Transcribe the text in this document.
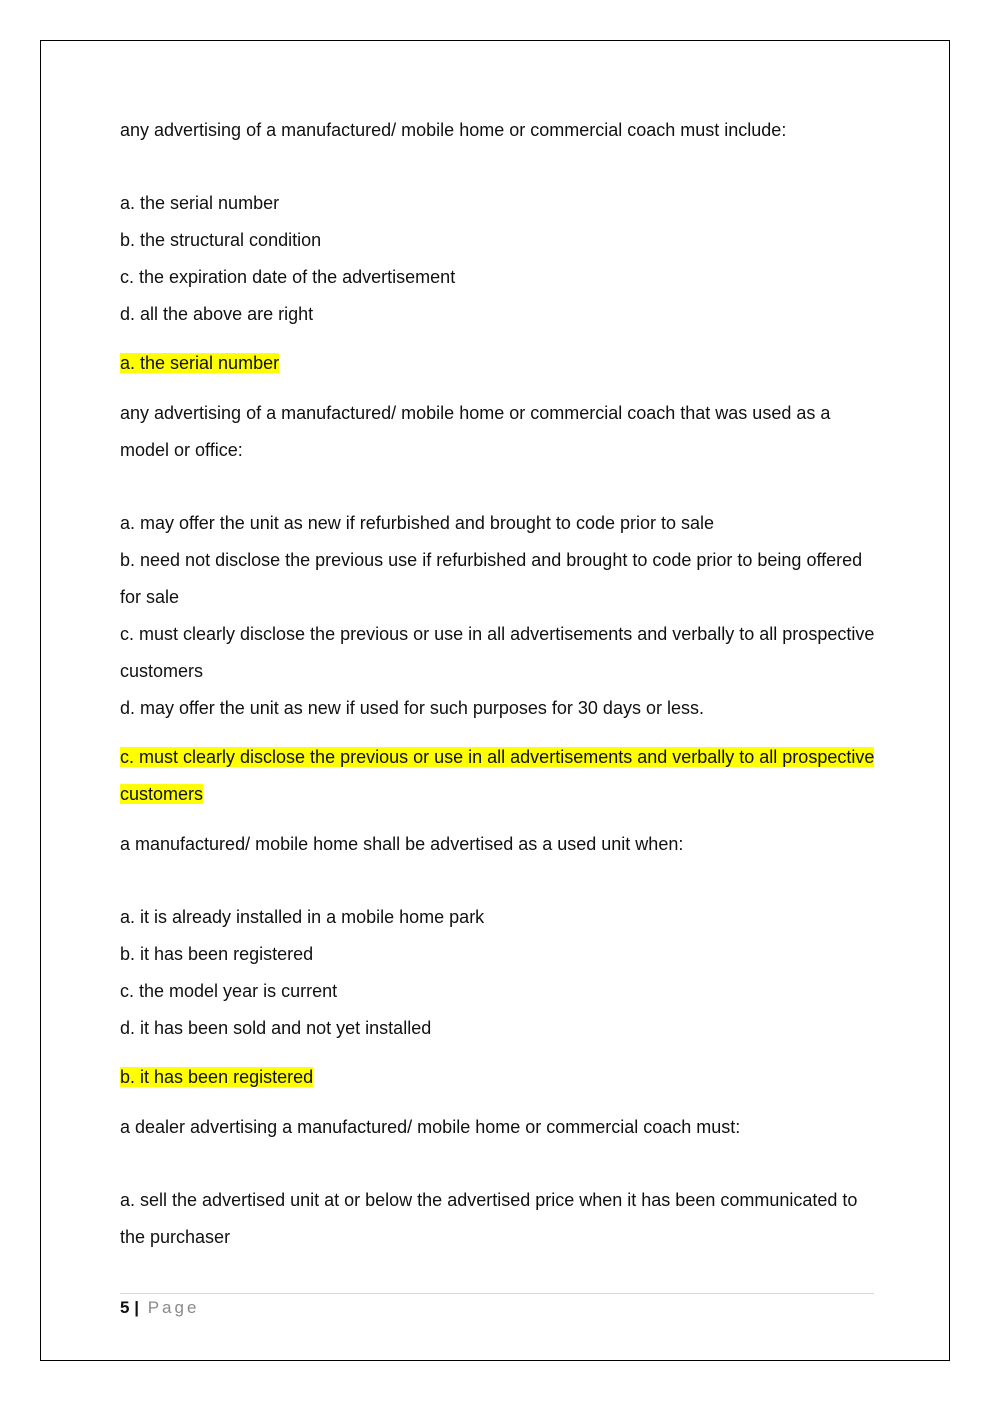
any advertising of a manufactured/ mobile home or commercial coach must include:

a. the serial number

b. the structural condition

c. the expiration date of the advertisement

d. all the above are right

a. the serial number

any advertising of a manufactured/ mobile home or commercial coach that was used as a model or office:

a. may offer the unit as new if refurbished and brought to code prior to sale

b. need not disclose the previous use if refurbished and brought to code prior to being offered for sale

c. must clearly disclose the previous or use in all advertisements and verbally to all prospective customers

d. may offer the unit as new if used for such purposes for 30 days or less.

c. must clearly disclose the previous or use in all advertisements and verbally to all prospective customers

a manufactured/ mobile home shall be advertised as a used unit when:

a. it is already installed in a mobile home park

b. it has been registered

c. the model year is current

d. it has been sold and not yet installed

b. it has been registered

a dealer advertising a manufactured/ mobile home or commercial coach must:

a. sell the advertised unit at or below the advertised price when it has been communicated to the purchaser

5 | Page
